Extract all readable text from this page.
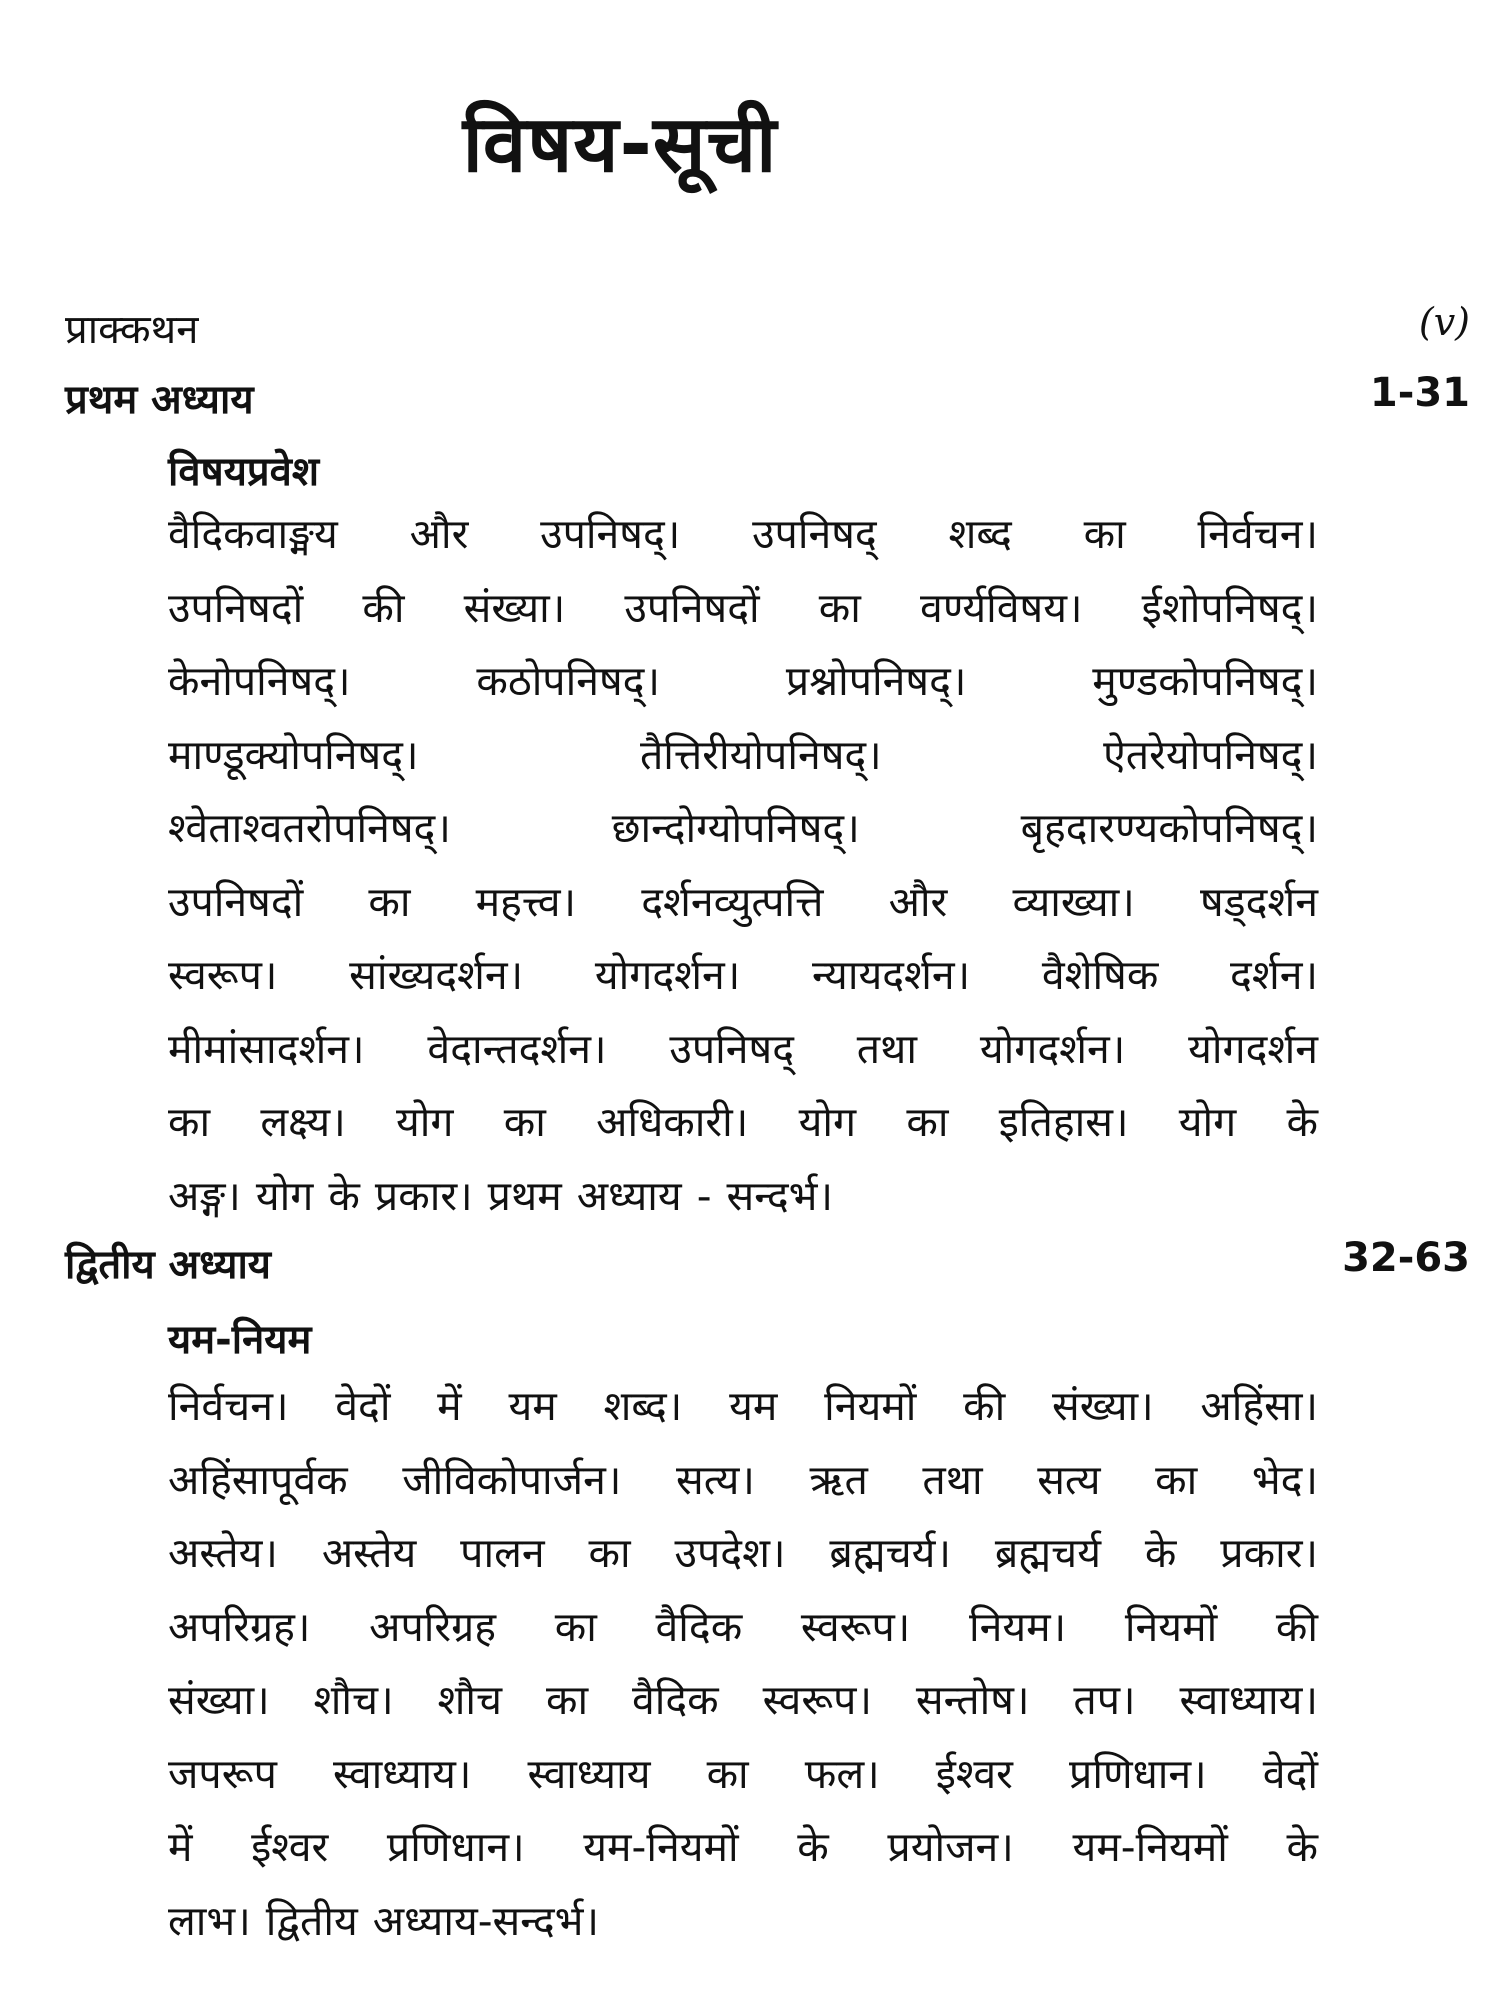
विषय-सूची
प्राक्कथन	(v)
प्रथम अध्याय	1-31
विषयप्रवेश
वैदिकवाङ्मय और उपनिषद्। उपनिषद् शब्द का निर्वचन।
उपनिषदों की संख्या। उपनिषदों का वर्ण्यविषय। ईशोपनिषद्।
केनोपनिषद्। कठोपनिषद्। प्रश्नोपनिषद्। मुण्डकोपनिषद्।
माण्डूक्योपनिषद्। तैत्तिरीयोपनिषद्। ऐतरेयोपनिषद्।
श्वेताश्वतरोपनिषद्। छान्दोग्योपनिषद्। बृहदारण्यकोपनिषद्।
उपनिषदों का महत्त्व। दर्शनव्युत्पत्ति और व्याख्या। षड्दर्शन
स्वरूप। सांख्यदर्शन। योगदर्शन। न्यायदर्शन। वैशेषिक दर्शन।
मीमांसादर्शन। वेदान्तदर्शन। उपनिषद् तथा योगदर्शन। योगदर्शन
का लक्ष्य। योग का अधिकारी। योग का इतिहास। योग के
अङ्ग। योग के प्रकार। प्रथम अध्याय - सन्दर्भ।
द्वितीय अध्याय	32-63
यम-नियम
निर्वचन। वेदों में यम शब्द। यम नियमों की संख्या। अहिंसा।
अहिंसापूर्वक जीविकोपार्जन। सत्य। ऋत तथा सत्य का भेद।
अस्तेय। अस्तेय पालन का उपदेश। ब्रह्मचर्य। ब्रह्मचर्य के प्रकार।
अपरिग्रह। अपरिग्रह का वैदिक स्वरूप। नियम। नियमों की
संख्या। शौच। शौच का वैदिक स्वरूप। सन्तोष। तप। स्वाध्याय।
जपरूप स्वाध्याय। स्वाध्याय का फल। ईश्वर प्रणिधान। वेदों
में ईश्वर प्रणिधान। यम-नियमों के प्रयोजन। यम-नियमों के
लाभ। द्वितीय अध्याय-सन्दर्भ।
